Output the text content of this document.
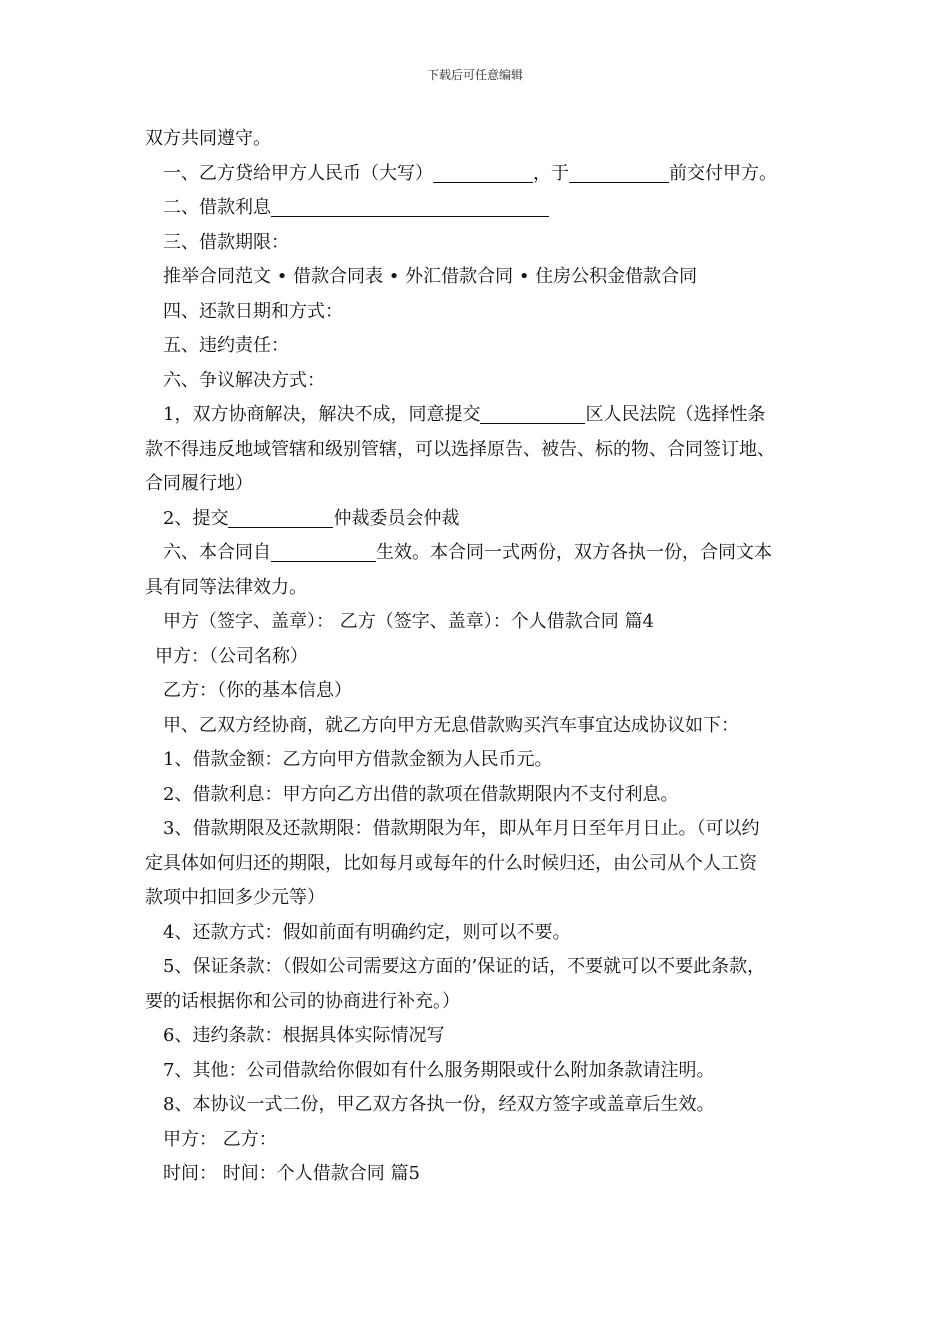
下载后可任意编辑
双方共同遵守。
一、乙方贷给甲方人民币（大写）	，于	前交付甲方。
二、借款利息
三、借款期限：
推举合同范文 • 借款合同表 • 外汇借款合同 • 住房公积金借款合同
四、还款日期和方式：
五、违约责任：
六、争议解决方式：
1，双方协商解决，解决不成，同意提交	区人民法院（选择性条
款不得违反地域管辖和级别管辖，可以选择原告、被告、标的物、合同签订地、
合同履行地）
2、提交	仲裁委员会仲裁
六、本合同自	生效。本合同一式两份，双方各执一份，合同文本
具有同等法律效力。
甲方（签字、盖章）： 乙方（签字、盖章）：个人借款合同 篇4
甲方：（公司名称）
乙方：（你的基本信息）
甲、乙双方经协商，就乙方向甲方无息借款购买汽车事宜达成协议如下：
1、借款金额：乙方向甲方借款金额为人民币元。
2、借款利息：甲方向乙方出借的款项在借款期限内不支付利息。
3、借款期限及还款期限：借款期限为年，即从年月日至年月日止。（可以约
定具体如何归还的期限，比如每月或每年的什么时候归还，由公司从个人工资
款项中扣回多少元等）
4、还款方式：假如前面有明确约定，则可以不要。
5、保证条款：（假如公司需要这方面的’保证的话，不要就可以不要此条款，
要的话根据你和公司的协商进行补充。）
6、违约条款：根据具体实际情况写
7、其他：公司借款给你假如有什么服务期限或什么附加条款请注明。
8、本协议一式二份，甲乙双方各执一份，经双方签字或盖章后生效。
甲方： 乙方：
时间： 时间：个人借款合同 篇5
